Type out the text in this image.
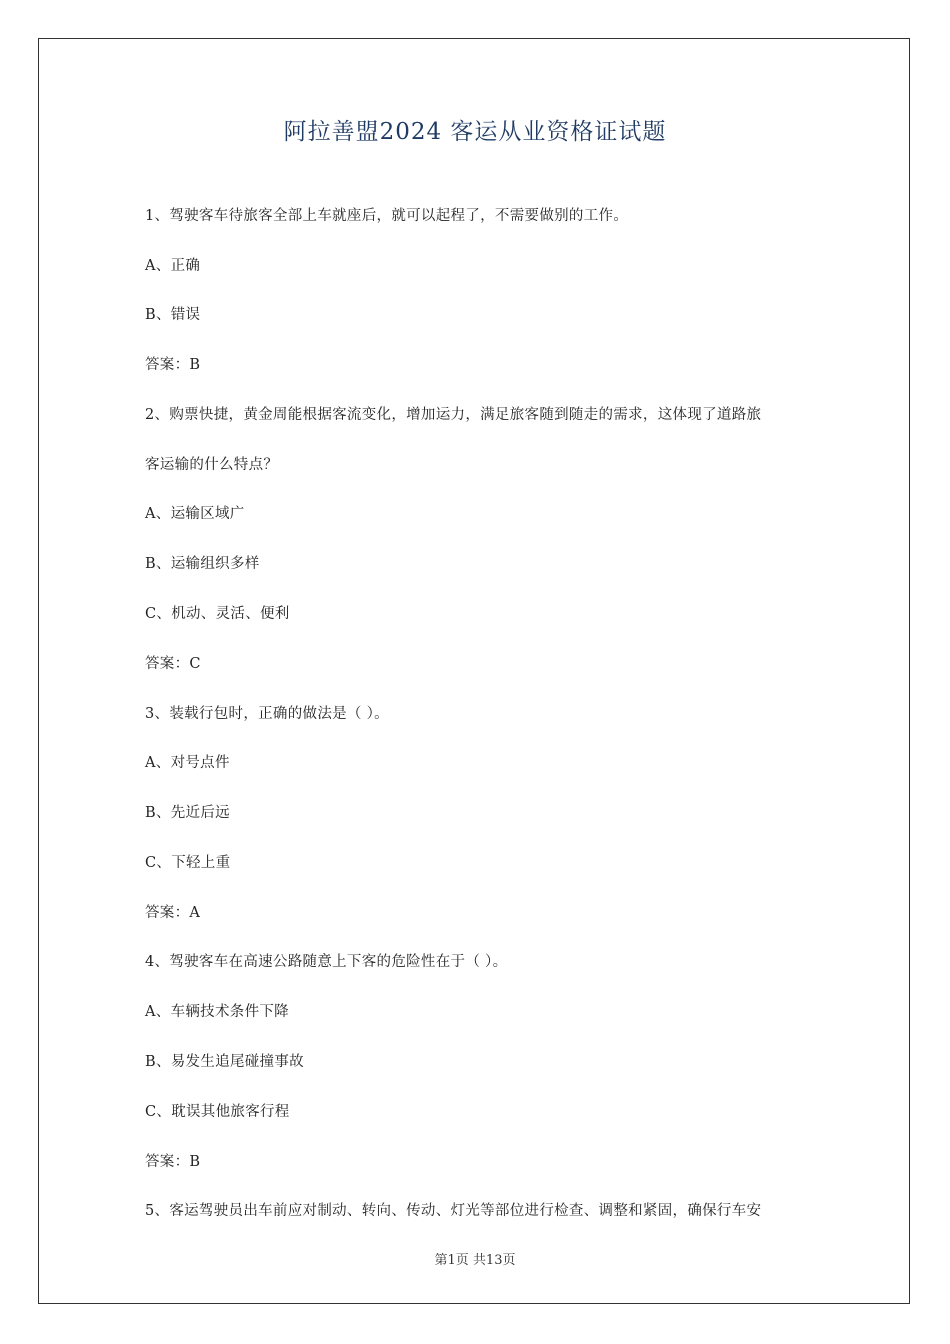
阿拉善盟2024 客运从业资格证试题
1、驾驶客车待旅客全部上车就座后，就可以起程了，不需要做别的工作。
A、正确
B、错误
答案：B
2、购票快捷，黄金周能根据客流变化，增加运力，满足旅客随到随走的需求，这体现了道路旅
客运输的什么特点？
A、运输区域广
B、运输组织多样
C、机动、灵活、便利
答案：C
3、装载行包时，正确的做法是（ ）。
A、对号点件
B、先近后远
C、下轻上重
答案：A
4、驾驶客车在高速公路随意上下客的危险性在于（ ）。
A、车辆技术条件下降
B、易发生追尾碰撞事故
C、耽误其他旅客行程
答案：B
5、客运驾驶员出车前应对制动、转向、传动、灯光等部位进行检查、调整和紧固，确保行车安
第1页 共13页
